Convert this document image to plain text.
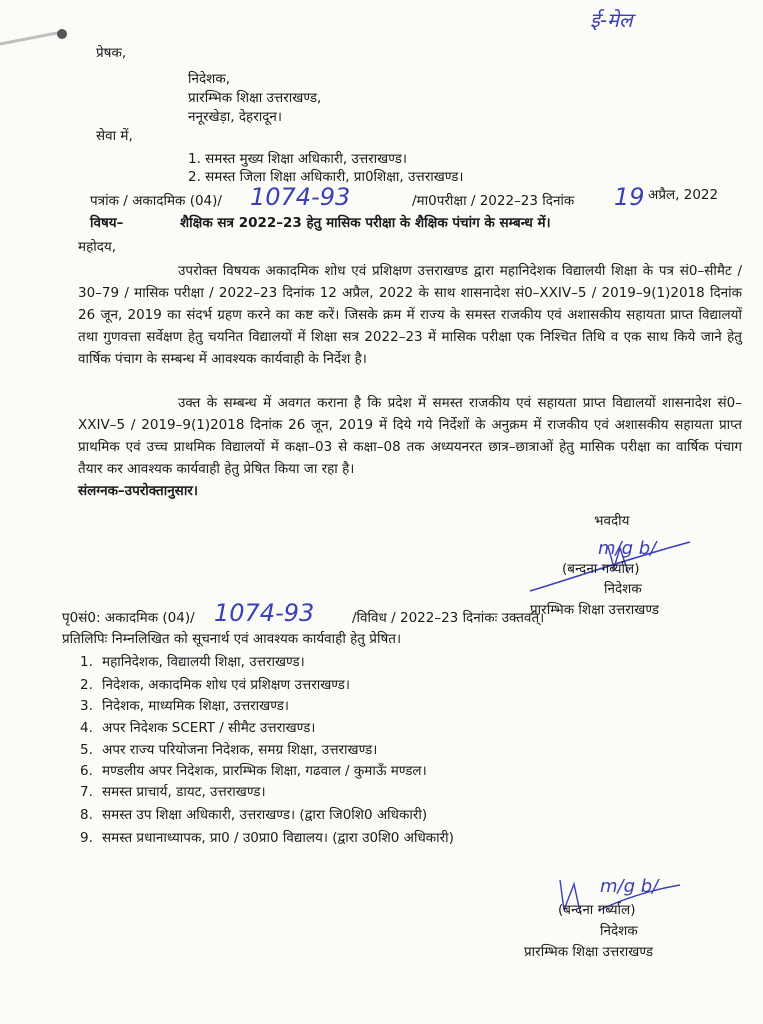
ई-मेल
प्रेषक,
निदेशक,
प्रारम्भिक शिक्षा उत्तराखण्ड,
ननूरखेड़ा, देहरादून।
सेवा में,
1. समस्त मुख्य शिक्षा अधिकारी, उत्तराखण्ड।
2. समस्त जिला शिक्षा अधिकारी, प्रा0शिक्षा, उत्तराखण्ड।
पत्रांक / अकादमिक (04)/ 1074-93	/मा0परीक्षा / 2022–23 दिनांक 19 अप्रैल, 2022
विषय–	शैक्षिक सत्र 2022–23 हेतु मासिक परीक्षा के शैक्षिक पंचांग के सम्बन्ध में।
महोदय,
उपरोक्त विषयक अकादमिक शोध एवं प्रशिक्षण उत्तराखण्ड द्वारा महानिदेशक विद्यालयी शिक्षा के पत्र सं0–सीमैट / 30–79 / मासिक परीक्षा / 2022–23 दिनांक 12 अप्रैल, 2022 के साथ शासनादेश सं0–XXIV–5 / 2019–9(1)2018 दिनांक 26 जून, 2019 का संदर्भ ग्रहण करने का कष्ट करें। जिसके क्रम में राज्य के समस्त राजकीय एवं अशासकीय सहायता प्राप्त विद्यालयों तथा गुणवत्ता सर्वेक्षण हेतु चयनित विद्यालयों में शिक्षा सत्र 2022–23 में मासिक परीक्षा एक निश्चित तिथि व एक साथ किये जाने हेतु वार्षिक पंचाग के सम्बन्ध में आवश्यक कार्यवाही के निर्देश है।
उक्त के सम्बन्ध में अवगत कराना है कि प्रदेश में समस्त राजकीय एवं सहायता प्राप्त विद्यालयों शासनादेश सं0–XXIV–5 / 2019–9(1)2018 दिनांक 26 जून, 2019 में दिये गये निर्देशों के अनुक्रम में राजकीय एवं अशासकीय सहायता प्राप्त प्राथमिक एवं उच्च प्राथमिक विद्यालयों में कक्षा–03 से कक्षा–08 तक अध्ययनरत छात्र–छात्राओं हेतु मासिक परीक्षा का वार्षिक पंचाग तैयार कर आवश्यक कार्यवाही हेतु प्रेषित किया जा रहा है।
संलग्नक–उपरोक्तानुसार।
भवदीय
m/g b/
(बन्दना गर्ब्याल)
निदेशक
प्रारम्भिक शिक्षा उत्तराखण्ड
पृ0सं0: अकादमिक (04)/ 1074-93	/विविध / 2022–23 दिनांकः उक्तवत्।
प्रतिलिपिः निम्नलिखित को सूचनार्थ एवं आवश्यक कार्यवाही हेतु प्रेषित।
1. महानिदेशक, विद्यालयी शिक्षा, उत्तराखण्ड।
2. निदेशक, अकादमिक शोध एवं प्रशिक्षण उत्तराखण्ड।
3. निदेशक, माध्यमिक शिक्षा, उत्तराखण्ड।
4. अपर निदेशक SCERT / सीमैट उत्तराखण्ड।
5. अपर राज्य परियोजना निदेशक, समग्र शिक्षा, उत्तराखण्ड।
6. मण्डलीय अपर निदेशक, प्रारम्भिक शिक्षा, गढवाल / कुमाऊँ मण्डल।
7. समस्त प्राचार्य, डायट, उत्तराखण्ड।
8. समस्त उप शिक्षा अधिकारी, उत्तराखण्ड। (द्वारा जि0शि0 अधिकारी)
9. समस्त प्रधानाध्यापक, प्रा0 / उ0प्रा0 विद्यालय। (द्वारा उ0शि0 अधिकारी)
m/g b/
(बन्दना गर्ब्याल)
निदेशक
प्रारम्भिक शिक्षा उत्तराखण्ड
